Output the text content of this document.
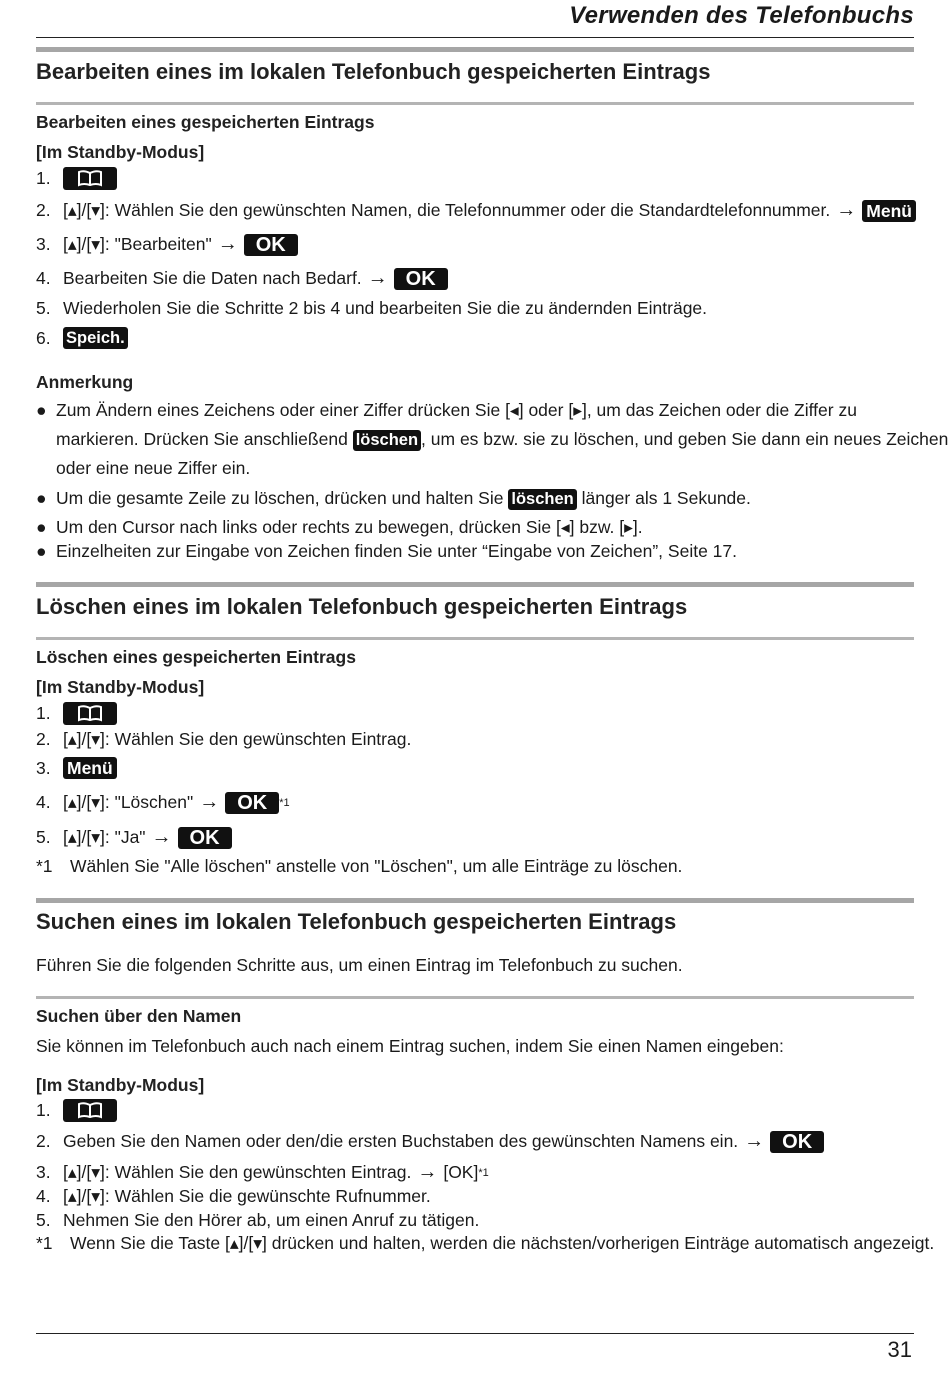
Verwenden des Telefonbuchs
Bearbeiten eines im lokalen Telefonbuch gespeicherten Eintrags
Bearbeiten eines gespeicherten Eintrags
[Im Standby-Modus]
1.
2. [▴]/[▾]: Wählen Sie den gewünschten Namen, die Telefonnummer oder die Standardtelefonnummer. → Menü
3. [▴]/[▾]: "Bearbeiten" → OK
4. Bearbeiten Sie die Daten nach Bedarf. → OK
5. Wiederholen Sie die Schritte 2 bis 4 und bearbeiten Sie die zu ändernden Einträge.
6. Speich.
Anmerkung
● Zum Ändern eines Zeichens oder einer Ziffer drücken Sie [◂] oder [▸], um das Zeichen oder die Ziffer zu
markieren. Drücken Sie anschließend löschen , um es bzw. sie zu löschen, und geben Sie dann ein neues Zeichen
oder eine neue Ziffer ein.
● Um die gesamte Zeile zu löschen, drücken und halten Sie löschen länger als 1 Sekunde.
● Um den Cursor nach links oder rechts zu bewegen, drücken Sie [◂] bzw. [▸].
● Einzelheiten zur Eingabe von Zeichen finden Sie unter “Eingabe von Zeichen”, Seite 17.
Löschen eines im lokalen Telefonbuch gespeicherten Eintrags
Löschen eines gespeicherten Eintrags
[Im Standby-Modus]
1.
2. [▴]/[▾]: Wählen Sie den gewünschten Eintrag.
3. Menü
4. [▴]/[▾]: "Löschen" → OK	*1
5. [▴]/[▾]: "Ja" → OK
*1 Wählen Sie "Alle löschen" anstelle von "Löschen", um alle Einträge zu löschen.
Suchen eines im lokalen Telefonbuch gespeicherten Eintrags
Führen Sie die folgenden Schritte aus, um einen Eintrag im Telefonbuch zu suchen.
Suchen über den Namen
Sie können im Telefonbuch auch nach einem Eintrag suchen, indem Sie einen Namen eingeben:
[Im Standby-Modus]
1.
2. Geben Sie den Namen oder den/die ersten Buchstaben des gewünschten Namens ein. → OK
3. [▴]/[▾]: Wählen Sie den gewünschten Eintrag. → [OK] *1
4. [▴]/[▾]: Wählen Sie die gewünschte Rufnummer.
5. Nehmen Sie den Hörer ab, um einen Anruf zu tätigen.
*1 Wenn Sie die Taste [▴]/[▾] drücken und halten, werden die nächsten/vorherigen Einträge automatisch angezeigt.
31
